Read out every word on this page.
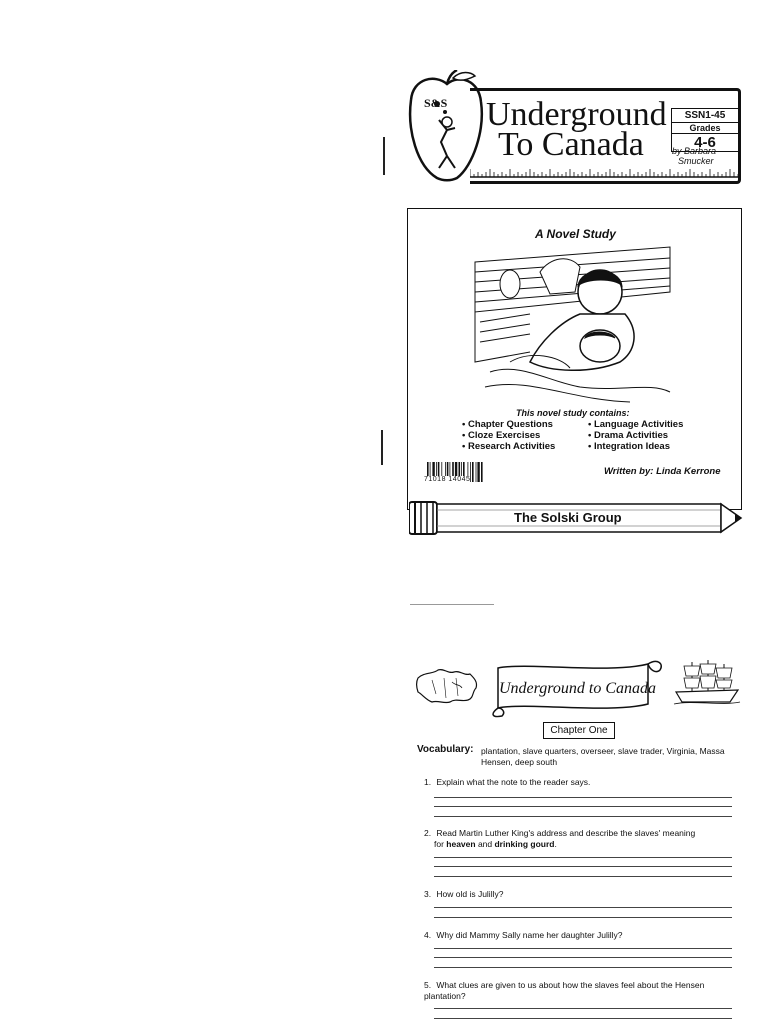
S&S Underground
To Canada
SSN1-45
Grades
4-6
by Barbara
Smucker
A Novel Study
This novel study contains:
• Chapter Questions
• Cloze Exercises
• Research Activities
• Language Activities
• Drama Activities
• Integration Ideas
71018 14045
Written by: Linda Kerrone
The Solski Group
Underground to Canada
Chapter One
Vocabulary: plantation, slave quarters, overseer, slave trader, Virginia, Massa Hensen, deep south
1. Explain what the note to the reader says.
2. Read Martin Luther King's address and describe the slaves' meaning
for heaven and drinking gourd.
3. How old is Julilly?
4. Why did Mammy Sally name her daughter Julilly?
5. What clues are given to us about how the slaves feel about the Hensen plantation?
